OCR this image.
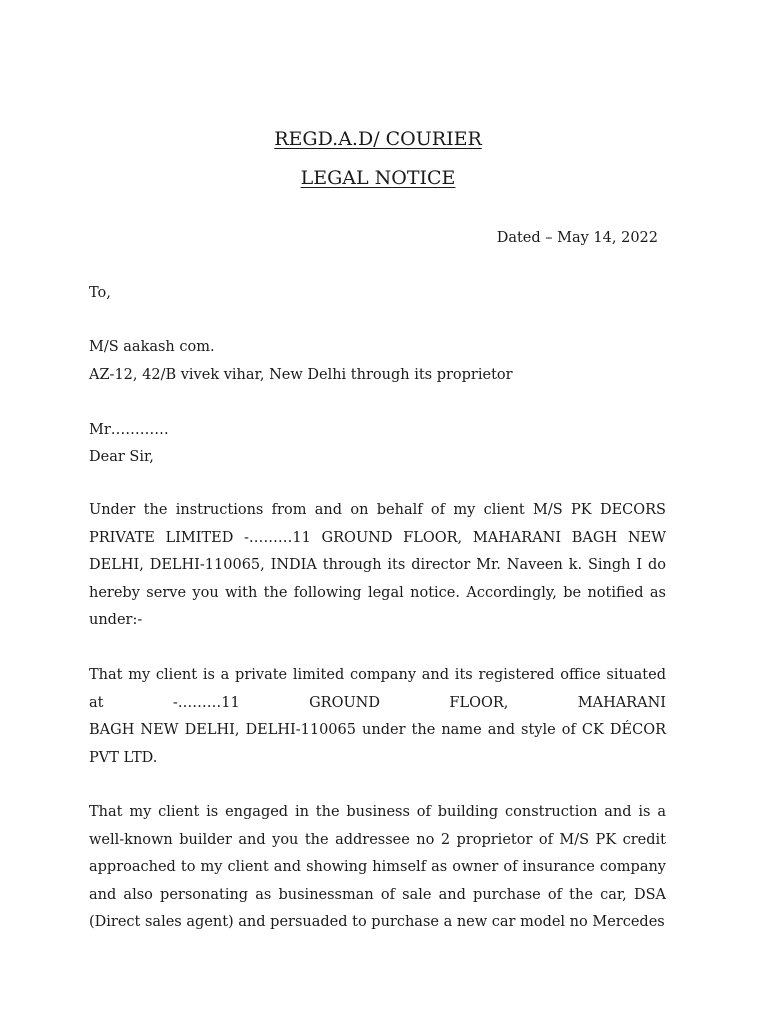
REGD.A.D/ COURIER
LEGAL NOTICE
Dated – May 14, 2022
To,
M/S aakash com.
AZ-12, 42/B vivek vihar, New Delhi through its proprietor
Mr…………
Dear Sir,
Under the instructions from and on behalf of my client M/S PK DECORS PRIVATE LIMITED -………11 GROUND FLOOR, MAHARANI BAGH NEW DELHI, DELHI-110065, INDIA through its director Mr. Naveen k. Singh I do hereby serve you with the following legal notice. Accordingly, be notified as under:-
That my client is a private limited company and its registered office situated at -………11 GROUND FLOOR, MAHARANI BAGH NEW DELHI, DELHI-110065 under the name and style of CK DÉCOR PVT LTD.
That my client is engaged in the business of building construction and is a well-known builder and you the addressee no 2 proprietor of M/S PK credit approached to my client and showing himself as owner of insurance company and also personating as businessman of sale and purchase of the car, DSA (Direct sales agent) and persuaded to purchase a new car model no Mercedes
